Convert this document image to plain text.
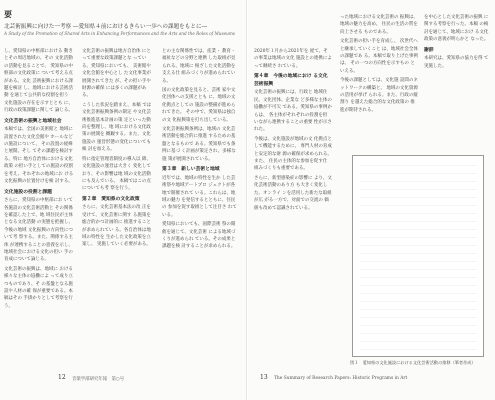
要
北芸術振興に向けた一考察 ―愛知県４前におけるきらい一歩への課題をもとに―
A Study of the Promotion of Shared Arts in Enhancing Performances and the Arts and the Roles of Museums

し、愛知県の中枢部における 動きとその周辺地域の、その 文化活動の活動を見ることで、 愛知県の中枢部の文化政策に ついて考える点がある。文化 芸術振興における課題を検討 し、地域における芸術活動 を通じて公共的な役割を担う 文化施設の存在を示すととも に、行政の政策課題に関して 論じる。

文化芸術の振興と地域社会

本稿では、全国の美術館と 地域に設置された文化会館や ホールなどの施設について、 その設置の経緯と展開、そし てその課題を検討する。特に 地方自治体における文化政策 の担い手としての施設の役割 を考え、それぞれの地域にお ける文化振興の位置付けを検 討する。

文化施設の役割と課題

さらに、愛知県の中枢部にお いて各施設の文化芸術活動と その関係を確認した上で、地 域住民が主体となる文化活動 の実態を把握し、今後の地域 文化振興の方向性について考 察する。また、関係する主体 が連携することの意義を示し、 地域社会における文化の担い 手の育成について論じる。

文化芸術の振興は、地域に おける様々な主体の協働によ って成り立つものであり、そ の基盤となる施設や人材の確 保が重要である。本稿はその 手掛かりとして考察を行う。

文化芸術の振興は地方自治体 にとって重要な政策課題とな っている。愛知県においても、 美術館や文化会館を中心とし た文化事業が展開されてきた が、その担い手や財源の確保 には多くの課題がある。

こうした状況を踏まえ、本稿 では文化芸術振興条例の制定 や文化芸術推進基本計画の策 定といった動向を整理し、地 域における文化政策の展開を 概観する。また、文化施設の 運営形態の変化についても検 討を加える。

特に指定管理者制度の導入以 降、文化施設の運営は大きく 変化しており、その影響は地 域の文化活動にも及んでいる。 本稿ではこの点についても考 察を行う。

第２章　愛知県の文化政策

さらに、文化芸術基本法の改 正を受けて、文化芸術に関す る施策を総合的かつ計画的に 推進することが求められてい る。各自治体は地域の特性を 生かした文化政策を立案し、 実施していく必要がある。

との主な関係性では、産業・ 教育・福祉などの分野と連携 した取組が見られる。地域に 根ざした文化活動を支える仕 組みづくりが進められている。

国の文化政策を見ると、芸術 家や文化団体への支援ととも に、地域の文化拠点としての 施設の整備が進められてきた。 その中で、愛知県は独自の文 化振興策を打ち出している。

文化芸術振興条例は、地域の 文化芸術活動を総合的に推進 するための基盤となるもので ある。愛知県でも条例に基づ く計画が策定され、多様な施 策が展開されている。

第３章　新しい芸術と地域

近年では、地域の特性を生か した芸術祭や地域アートプロ ジェクトが各地で開催されて いる。これらは、地域の魅力 を発信するとともに、住民の 参加を促す取組として注目さ れている。

愛知県においても、国際芸術 祭の開催を通じて、文化芸術 による地域づくりが進められ ている。その成果と課題を検 討することが求められる。

12 音楽学部研究年報　第○号

2020年１月から2021年を 経て、その事業は地域の文化 施設との連携によって継続さ れている。

第４章　今後の地域におけ る文化芸術振興

文化芸術の振興には、行政と 地域住民、文化団体、企業な ど多様な主体の協働が不可欠 である。愛知県の事例からは、 各主体がそれぞれの役割を担 いながら連携することの重要 性が示された。

今後は、文化施設が地域の文 化拠点として機能するために、 専門人材の育成と安定的な財 源の確保が求められる。また、 住民の主体的な参加を促す仕 組みづくりも重要である。

さらに、新型感染症の影響に より、文化芸術活動のあり方 も大きく変化した。オンライ ンを活用した新たな取組が広 がる一方で、対面での交流の 価値も改めて認識されている。

った地域における文化芸術の 振興は、地域の魅力を高め、 住民の生活の質を向上させる ものである。

文化芸術の担い手を育成し、 次世代へと継承していくこと は、地域社会全体の課題であ る。本稿で取り上げた事例は、 その一つの方向性を示すもの といえる。

今後の課題としては、文化施 設間のネットワークの構築と、 地域の文化資源の活用が挙げ られる。また、行政の縦割り を越えた総合的な文化政策の 推進が期待される。

を中心とした文化芸術の振興 に関する考察を行った。本稿 の検討を通じて、地域におけ る文化政策の意義が明らかと なった。

謝辞

本研究は、愛知県の協力を得 て実施した。

13 The Summary of Research Papers: Historic Programs in Art
図１　愛知県の文化施設における文化芸術活動の推移（筆者作成）
